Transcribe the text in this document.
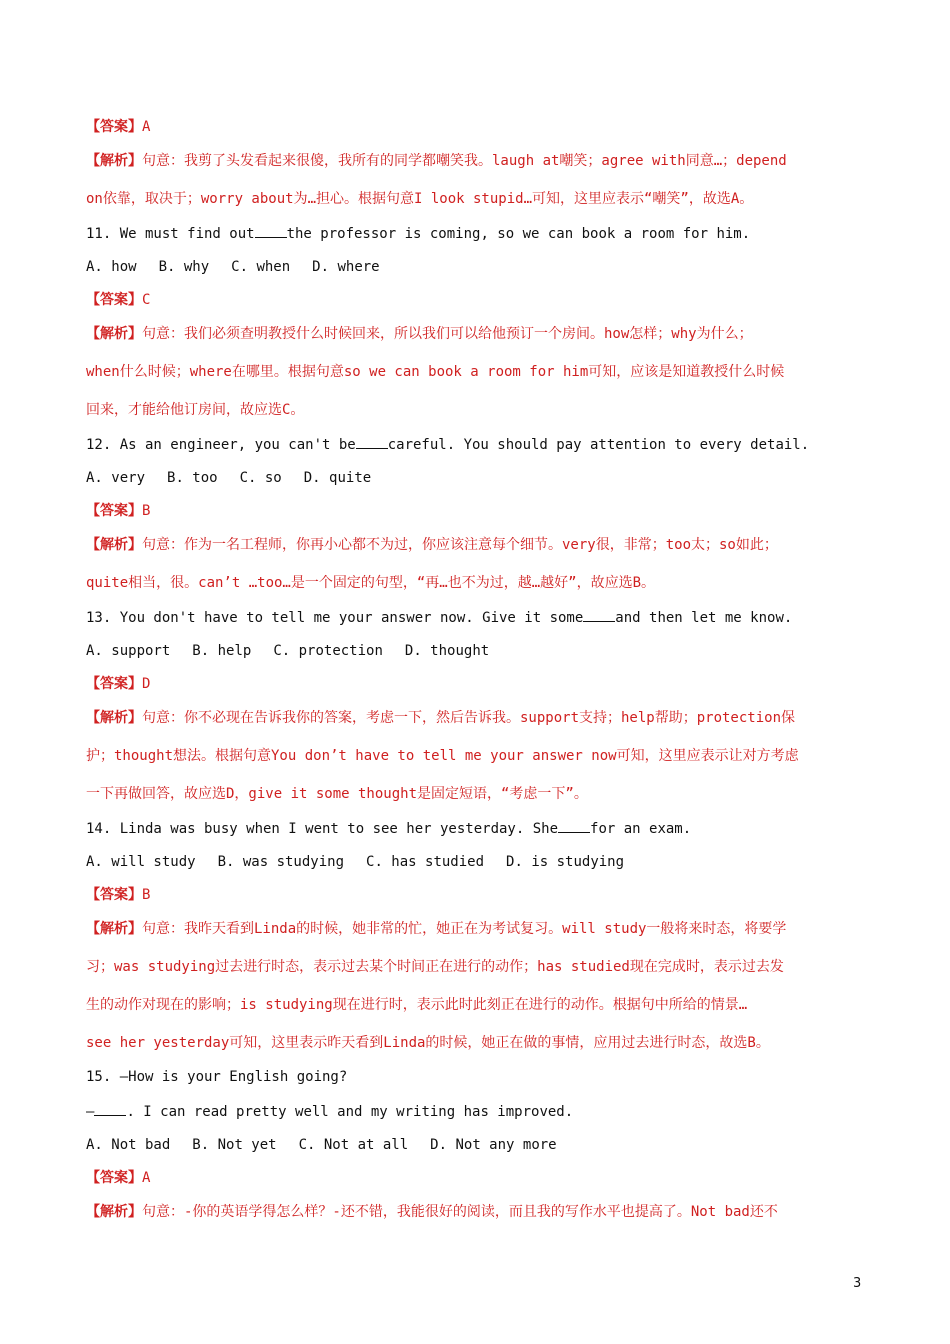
【答案】A
【解析】句意：我剪了头发看起来很傻，我所有的同学都嘲笑我。laugh at嘲笑；agree with同意…；depend
on依靠，取决于；worry about为…担心。根据句意I look stupid…可知，这里应表示“嘲笑”，故选A。
11. We must find out the professor is coming, so we can book a room for him.
A. how B. why C. when D. where
【答案】C
【解析】句意：我们必须查明教授什么时候回来，所以我们可以给他预订一个房间。how怎样；why为什么；
when什么时候；where在哪里。根据句意so we can book a room for him可知，应该是知道教授什么时候
回来，才能给他订房间，故应选C。
12. As an engineer, you can't be careful. You should pay attention to every detail.
A. very B. too C. so D. quite
【答案】B
【解析】句意：作为一名工程师，你再小心都不为过，你应该注意每个细节。very很，非常；too太；so如此；
quite相当，很。can’t …too…是一个固定的句型，“再…也不为过，越…越好”，故应选B。
13. You don't have to tell me your answer now. Give it some and then let me know.
A. support B. help C. protection D. thought
【答案】D
【解析】句意：你不必现在告诉我你的答案，考虑一下，然后告诉我。support支持；help帮助；protection保
护；thought想法。根据句意You don’t have to tell me your answer now可知，这里应表示让对方考虑
一下再做回答，故应选D，give it some thought是固定短语，“考虑一下”。
14. Linda was busy when I went to see her yesterday. She for an exam.
A. will study B. was studying C. has studied D. is studying
【答案】B
【解析】句意：我昨天看到Linda的时候，她非常的忙，她正在为考试复习。will study一般将来时态，将要学
习；was studying过去进行时态，表示过去某个时间正在进行的动作；has studied现在完成时，表示过去发
生的动作对现在的影响；is studying现在进行时，表示此时此刻正在进行的动作。根据句中所给的情景…
see her yesterday可知，这里表示昨天看到Linda的时候，她正在做的事情，应用过去进行时态，故选B。
15. —How is your English going?
— . I can read pretty well and my writing has improved.
A. Not bad B. Not yet C. Not at all D. Not any more
【答案】A
【解析】句意：-你的英语学得怎么样？-还不错，我能很好的阅读，而且我的写作水平也提高了。Not bad还不
3
